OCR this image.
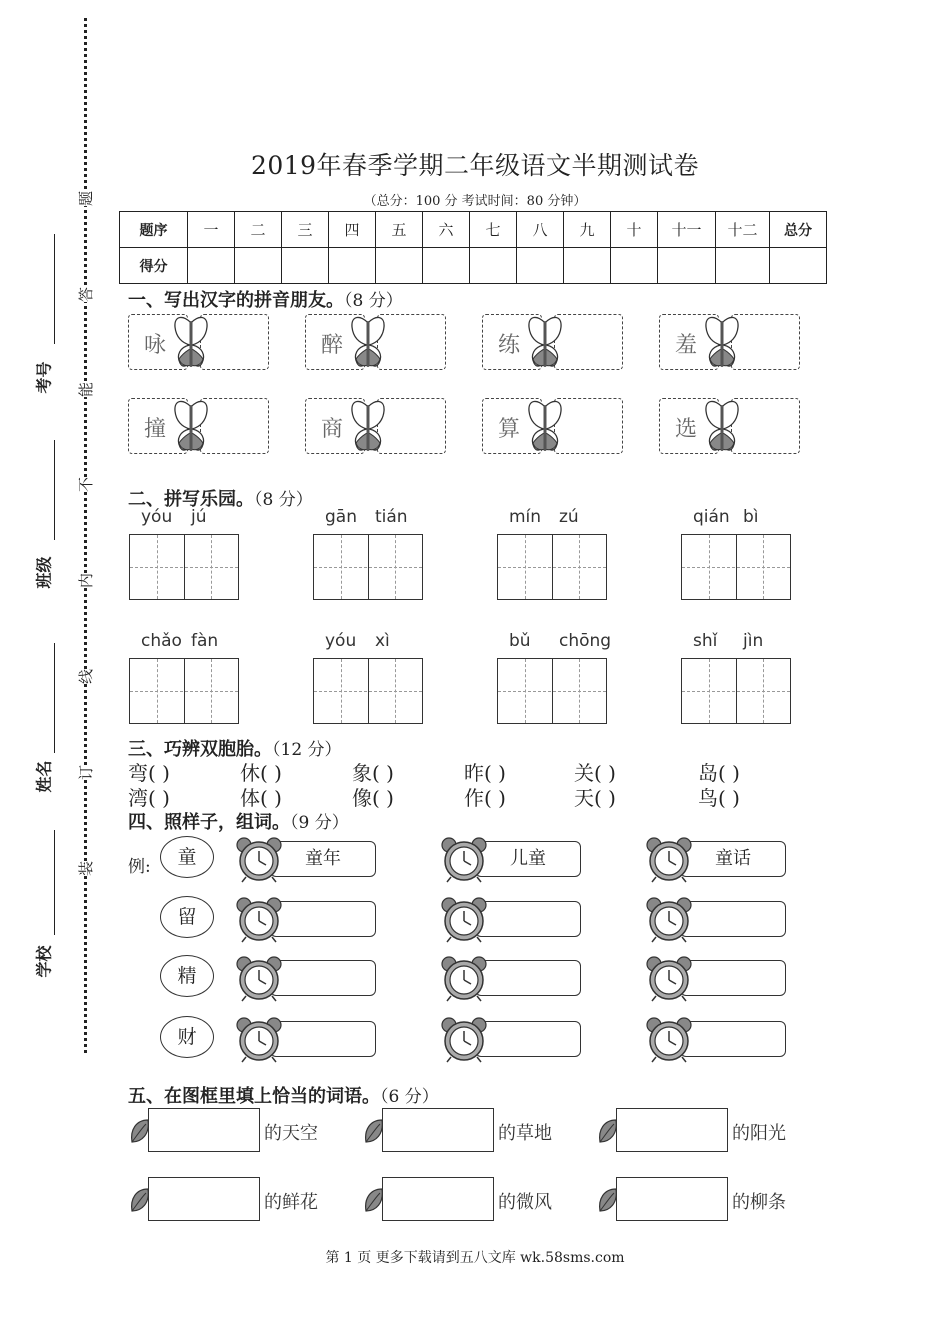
考号
班级
姓名
学校
题
答
能
不
内
线
订
装
2019年春季学期二年级语文半期测试卷
（总分：100 分 考试时间：80 分钟）
题序	一	二	三	四	五	六	七	八	九	十	十一	十二	总分
得分													
一、写出汉字的拼音朋友。（8 分）
咏	醉	练	羞
撞	商	算	选
二、拼写乐园。（8 分）
yóu jú	gān tián	mín zú	qián bì
chǎo fàn	yóu xì	bǔ chōng	shǐ jìn
三、巧辨双胞胎。（12 分）
弯( )	休( )	象( )	昨( )	关( )	岛( )
湾( )	体( )	像( )	作( )	天( )	鸟( )
四、照样子，组词。（9 分）
例:	童	童年	儿童	童话
留
精
财
五、在图框里填上恰当的词语。（6 分）
的天空	的草地	的阳光
的鲜花	的微风	的柳条
第 1 页 更多下载请到五八文库 wk.58sms.com
